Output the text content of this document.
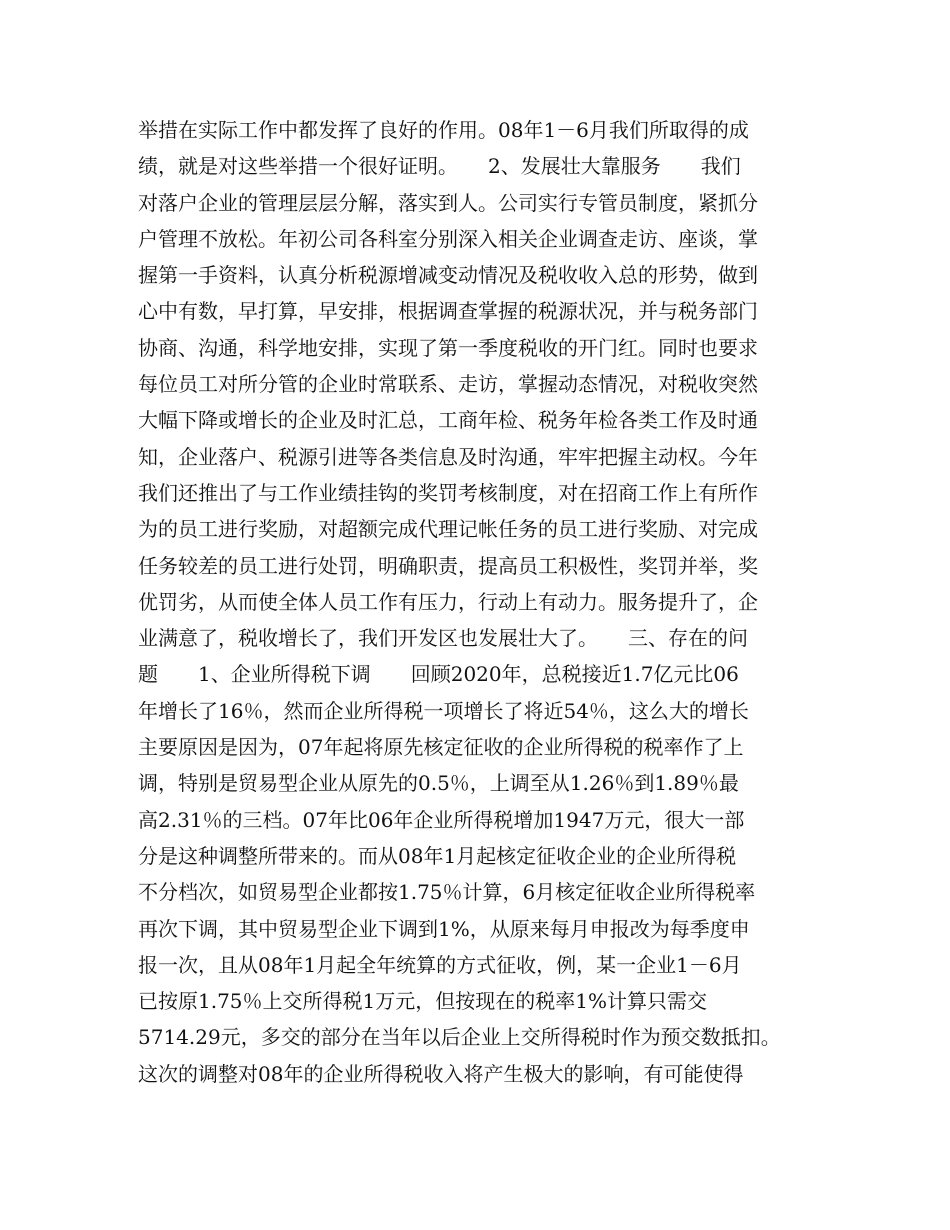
举措在实际工作中都发挥了良好的作用。08年1－6月我们所取得的成
绩，就是对这些举措一个很好证明。　　2、发展壮大靠服务　　我们
对落户企业的管理层层分解，落实到人。公司实行专管员制度，紧抓分
户管理不放松。年初公司各科室分别深入相关企业调查走访、座谈，掌
握第一手资料，认真分析税源增减变动情况及税收收入总的形势，做到
心中有数，早打算，早安排，根据调查掌握的税源状况，并与税务部门
协商、沟通，科学地安排，实现了第一季度税收的开门红。同时也要求
每位员工对所分管的企业时常联系、走访，掌握动态情况，对税收突然
大幅下降或增长的企业及时汇总，工商年检、税务年检各类工作及时通
知，企业落户、税源引进等各类信息及时沟通，牢牢把握主动权。今年
我们还推出了与工作业绩挂钩的奖罚考核制度，对在招商工作上有所作
为的员工进行奖励，对超额完成代理记帐任务的员工进行奖励、对完成
任务较差的员工进行处罚，明确职责，提高员工积极性，奖罚并举，奖
优罚劣，从而使全体人员工作有压力，行动上有动力。服务提升了，企
业满意了，税收增长了，我们开发区也发展壮大了。　　三、存在的问
题　　1、企业所得税下调　　回顾2020年，总税接近1.7亿元比06
年增长了16％，然而企业所得税一项增长了将近54％，这么大的增长
主要原因是因为，07年起将原先核定征收的企业所得税的税率作了上
调，特别是贸易型企业从原先的0.5％，上调至从1.26％到1.89％最
高2.31％的三档。07年比06年企业所得税增加1947万元，很大一部
分是这种调整所带来的。而从08年1月起核定征收企业的企业所得税
不分档次，如贸易型企业都按1.75％计算，6月核定征收企业所得税率
再次下调，其中贸易型企业下调到1%，从原来每月申报改为每季度申
报一次，且从08年1月起全年统算的方式征收，例，某一企业1－6月
已按原1.75％上交所得税1万元，但按现在的税率1%计算只需交
5714.29元，多交的部分在当年以后企业上交所得税时作为预交数抵扣。
这次的调整对08年的企业所得税收入将产生极大的影响，有可能使得
